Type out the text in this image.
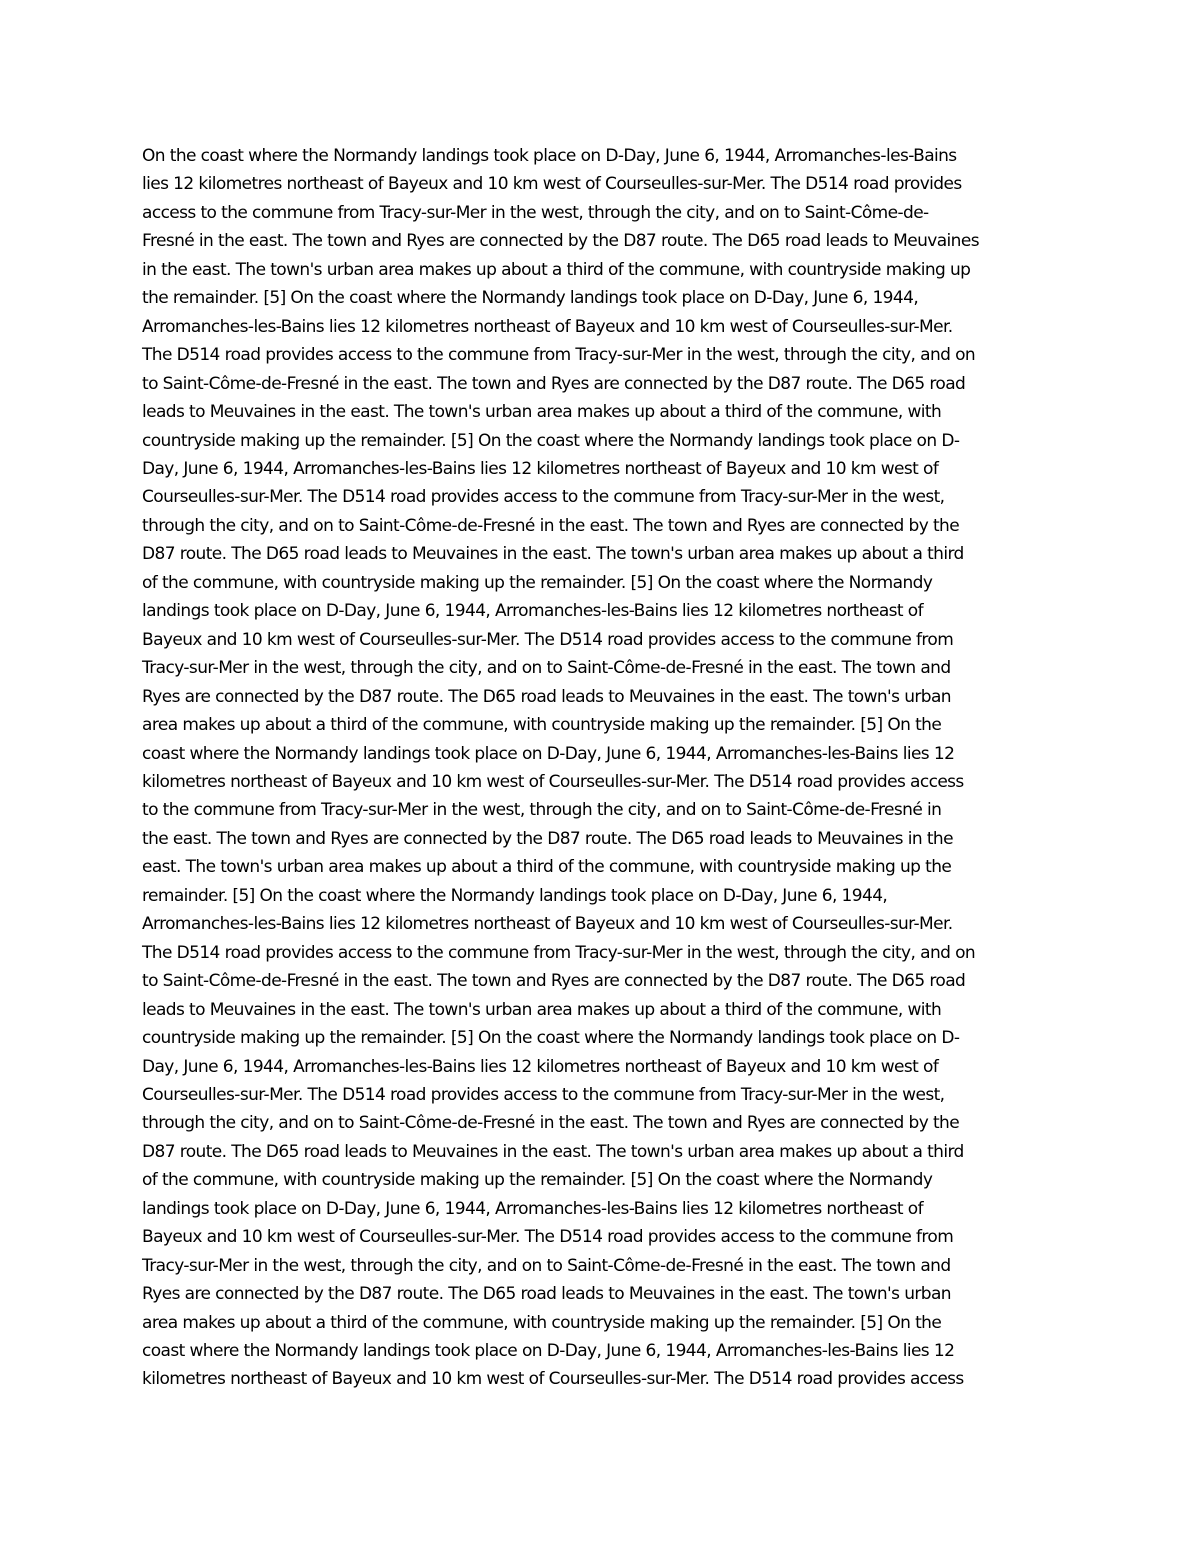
On the coast where the Normandy landings took place on D-Day, June 6, 1944, Arromanches-les-Bains
lies 12 kilometres northeast of Bayeux and 10 km west of Courseulles-sur-Mer. The D514 road provides
access to the commune from Tracy-sur-Mer in the west, through the city, and on to Saint-Côme-de-
Fresné in the east. The town and Ryes are connected by the D87 route. The D65 road leads to Meuvaines
in the east. The town's urban area makes up about a third of the commune, with countryside making up
the remainder. [5] On the coast where the Normandy landings took place on D-Day, June 6, 1944,
Arromanches-les-Bains lies 12 kilometres northeast of Bayeux and 10 km west of Courseulles-sur-Mer.
The D514 road provides access to the commune from Tracy-sur-Mer in the west, through the city, and on
to Saint-Côme-de-Fresné in the east. The town and Ryes are connected by the D87 route. The D65 road
leads to Meuvaines in the east. The town's urban area makes up about a third of the commune, with
countryside making up the remainder. [5] On the coast where the Normandy landings took place on D-
Day, June 6, 1944, Arromanches-les-Bains lies 12 kilometres northeast of Bayeux and 10 km west of
Courseulles-sur-Mer. The D514 road provides access to the commune from Tracy-sur-Mer in the west,
through the city, and on to Saint-Côme-de-Fresné in the east. The town and Ryes are connected by the
D87 route. The D65 road leads to Meuvaines in the east. The town's urban area makes up about a third
of the commune, with countryside making up the remainder. [5] On the coast where the Normandy
landings took place on D-Day, June 6, 1944, Arromanches-les-Bains lies 12 kilometres northeast of
Bayeux and 10 km west of Courseulles-sur-Mer. The D514 road provides access to the commune from
Tracy-sur-Mer in the west, through the city, and on to Saint-Côme-de-Fresné in the east. The town and
Ryes are connected by the D87 route. The D65 road leads to Meuvaines in the east. The town's urban
area makes up about a third of the commune, with countryside making up the remainder. [5] On the
coast where the Normandy landings took place on D-Day, June 6, 1944, Arromanches-les-Bains lies 12
kilometres northeast of Bayeux and 10 km west of Courseulles-sur-Mer. The D514 road provides access
to the commune from Tracy-sur-Mer in the west, through the city, and on to Saint-Côme-de-Fresné in
the east. The town and Ryes are connected by the D87 route. The D65 road leads to Meuvaines in the
east. The town's urban area makes up about a third of the commune, with countryside making up the
remainder. [5] On the coast where the Normandy landings took place on D-Day, June 6, 1944,
Arromanches-les-Bains lies 12 kilometres northeast of Bayeux and 10 km west of Courseulles-sur-Mer.
The D514 road provides access to the commune from Tracy-sur-Mer in the west, through the city, and on
to Saint-Côme-de-Fresné in the east. The town and Ryes are connected by the D87 route. The D65 road
leads to Meuvaines in the east. The town's urban area makes up about a third of the commune, with
countryside making up the remainder. [5] On the coast where the Normandy landings took place on D-
Day, June 6, 1944, Arromanches-les-Bains lies 12 kilometres northeast of Bayeux and 10 km west of
Courseulles-sur-Mer. The D514 road provides access to the commune from Tracy-sur-Mer in the west,
through the city, and on to Saint-Côme-de-Fresné in the east. The town and Ryes are connected by the
D87 route. The D65 road leads to Meuvaines in the east. The town's urban area makes up about a third
of the commune, with countryside making up the remainder. [5] On the coast where the Normandy
landings took place on D-Day, June 6, 1944, Arromanches-les-Bains lies 12 kilometres northeast of
Bayeux and 10 km west of Courseulles-sur-Mer. The D514 road provides access to the commune from
Tracy-sur-Mer in the west, through the city, and on to Saint-Côme-de-Fresné in the east. The town and
Ryes are connected by the D87 route. The D65 road leads to Meuvaines in the east. The town's urban
area makes up about a third of the commune, with countryside making up the remainder. [5] On the
coast where the Normandy landings took place on D-Day, June 6, 1944, Arromanches-les-Bains lies 12
kilometres northeast of Bayeux and 10 km west of Courseulles-sur-Mer. The D514 road provides access
